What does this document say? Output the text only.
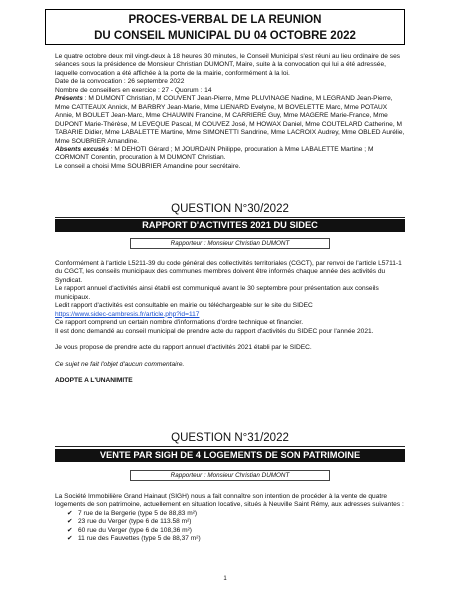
PROCES-VERBAL DE LA REUNION
DU CONSEIL MUNICIPAL DU 04 OCTOBRE 2022

Le quatre octobre deux mil vingt-deux à 18 heures 30 minutes, le Conseil Municipal s'est réuni au lieu ordinaire de ses séances sous la présidence de Monsieur Christian DUMONT, Maire, suite à la convocation qui lui a été adressée, laquelle convocation a été affichée à la porte de la mairie, conformément à la loi.

Date de la convocation : 26 septembre 2022

Nombre de conseillers en exercice : 27 - Quorum : 14

Présents : M DUMONT Christian, M COUVENT Jean-Pierre, Mme PLUVINAGE Nadine, M LEGRAND Jean-Pierre, Mme CATTEAUX Annick, M BARBRY Jean-Marie, Mme LIENARD Evelyne, M BOVELETTE Marc, Mme POTAUX Annie, M BOULET Jean-Marc, Mme CHAUWIN Francine, M CARRIERE Guy, Mme MAGERE Marie-France, Mme DUPONT Marie-Thérèse, M LEVEQUE Pascal, M COUVEZ José, M HOWAX Daniel, Mme COUTELARD Catherine, M TABARIE Didier, Mme LABALETTE Martine, Mme SIMONETTI Sandrine, Mme LACROIX Audrey, Mme OBLED Aurélie, Mme SOUBRIER Amandine.

Absents excusés : M DEHOTI Gérard ; M JOURDAIN Philippe, procuration à Mme LABALETTE Martine ; M CORMONT Corentin, procuration à M DUMONT Christian.

Le conseil a choisi Mme SOUBRIER Amandine pour secrétaire.

QUESTION N°30/2022
RAPPORT D'ACTIVITES 2021 DU SIDEC
Rapporteur : Monsieur Christian DUMONT

Conformément à l'article L5211-39 du code général des collectivités territoriales (CGCT), par renvoi de l'article L5711-1 du CGCT, les conseils municipaux des communes membres doivent être informés chaque année des activités du Syndicat.

Le rapport annuel d'activités ainsi établi est communiqué avant le 30 septembre pour présentation aux conseils municipaux.

Ledit rapport d'activités est consultable en mairie ou téléchargeable sur le site du SIDEC

https://www.sidec-cambresis.fr/article.php?id=117

Ce rapport comprend un certain nombre d'informations d'ordre technique et financier.

Il est donc demandé au conseil municipal de prendre acte du rapport d'activités du SIDEC pour l'année 2021.

Je vous propose de prendre acte du rapport annuel d'activités 2021 établi par le SIDEC.

Ce sujet ne fait l'objet d'aucun commentaire.

ADOPTE A L'UNANIMITE

QUESTION N°31/2022
VENTE PAR SIGH DE 4 LOGEMENTS DE SON PATRIMOINE
Rapporteur : Monsieur Christian DUMONT

La Société Immobilière Grand Hainaut (SIGH) nous a fait connaître son intention de procéder à la vente de quatre logements de son patrimoine, actuellement en situation locative, situés à Neuville Saint Rémy, aux adresses suivantes :

✔ 7 rue de la Bergerie (type 5 de 88,83 m²)
✔ 23 rue du Verger (type 6 de 113.58 m²)
✔ 60 rue du Verger (type 6 de 108,36 m²)
✔ 11 rue des Fauvettes (type 5 de 88,37 m²)
1
